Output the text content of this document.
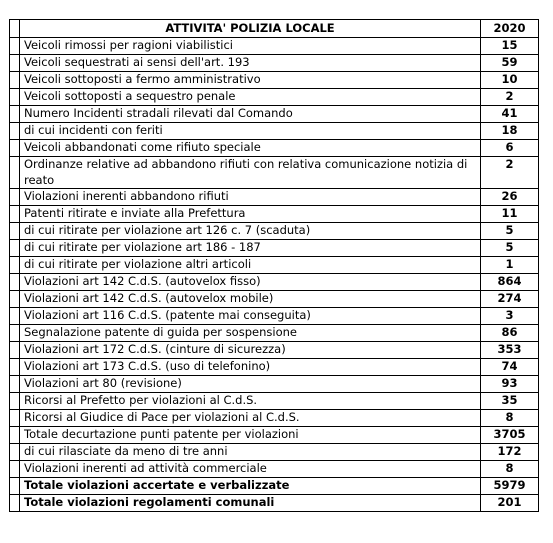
	ATTIVITA' POLIZIA LOCALE	2020
	Veicoli rimossi per ragioni viabilistici	15
	Veicoli sequestrati ai sensi dell'art. 193	59
	Veicoli sottoposti a fermo amministrativo	10
	Veicoli sottoposti a sequestro penale	2
	Numero Incidenti stradali rilevati dal Comando	41
	di cui incidenti con feriti	18
	Veicoli abbandonati come rifiuto speciale	6
	Ordinanze relative ad abbandono rifiuti con relativa comunicazione notizia di reato	2
	Violazioni inerenti abbandono rifiuti	26
	Patenti ritirate e inviate alla Prefettura	11
	di cui ritirate per violazione art 126 c. 7 (scaduta)	5
	di cui ritirate per violazione art 186 - 187	5
	di cui ritirate per violazione altri articoli	1
	Violazioni art 142 C.d.S. (autovelox fisso)	864
	Violazioni art 142 C.d.S. (autovelox mobile)	274
	Violazioni art 116 C.d.S. (patente mai conseguita)	3
	Segnalazione patente di guida per sospensione	86
	Violazioni art 172 C.d.S. (cinture di sicurezza)	353
	Violazioni art 173 C.d.S. (uso di telefonino)	74
	Violazioni art 80 (revisione)	93
	Ricorsi al Prefetto per violazioni al C.d.S.	35
	Ricorsi al Giudice di Pace per violazioni al C.d.S.	8
	Totale decurtazione punti patente per violazioni	3705
	di cui rilasciate da meno di tre anni	172
	Violazioni inerenti ad attività commerciale	8
	Totale violazioni accertate e verbalizzate	5979
	Totale violazioni regolamenti comunali	201
